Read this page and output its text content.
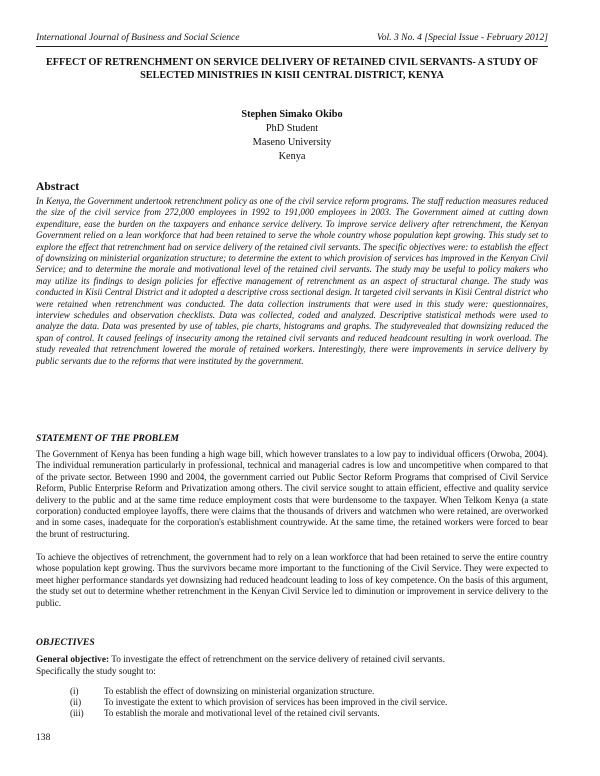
International Journal of Business and Social Science	Vol. 3 No. 4 [Special Issue - February 2012]
EFFECT OF RETRENCHMENT ON SERVICE DELIVERY OF RETAINED CIVIL SERVANTS- A STUDY OF SELECTED MINISTRIES IN KISII CENTRAL DISTRICT, KENYA
Stephen Simako Okibo
PhD Student
Maseno University
Kenya
Abstract

In Kenya, the Government undertook retrenchment policy as one of the civil service reform programs. The staff reduction measures reduced the size of the civil service from 272,000 employees in 1992 to 191,000 employees in 2003. The Government aimed at cutting down expenditure, ease the burden on the taxpayers and enhance service delivery. To improve service delivery after retrenchment, the Kenyan Government relied on a lean workforce that had been retained to serve the whole country whose population kept growing. This study set to explore the effect that retrenchment had on service delivery of the retained civil servants. The specific objectives were: to establish the effect of downsizing on ministerial organization structure; to determine the extent to which provision of services has improved in the Kenyan Civil Service; and to determine the morale and motivational level of the retained civil servants. The study may be useful to policy makers who may utilize its findings to design policies for effective management of retrenchment as an aspect of structural change. The study was conducted in Kisii Central District and it adopted a descriptive cross sectional design. It targeted civil servants in Kisii Central district who were retained when retrenchment was conducted. The data collection instruments that were used in this study were: questionnaires, interview schedules and observation checklists. Data was collected, coded and analyzed. Descriptive statistical methods were used to analyze the data. Data was presented by use of tables, pie charts, histograms and graphs. The studyrevealed that downsizing reduced the span of control. It caused feelings of insecurity among the retained civil servants and reduced headcount resulting in work overload. The study revealed that retrenchment lowered the morale of retained workers. Interestingly, there were improvements in service delivery by public servants due to the reforms that were instituted by the government.

STATEMENT OF THE PROBLEM

The Government of Kenya has been funding a high wage bill, which however translates to a low pay to individual officers (Orwoba, 2004). The individual remuneration particularly in professional, technical and managerial cadres is low and uncompetitive when compared to that of the private sector. Between 1990 and 2004, the government carried out Public Sector Reform Programs that comprised of Civil Service Reform, Public Enterprise Reform and Privatization among others. The civil service sought to attain efficient, effective and quality service delivery to the public and at the same time reduce employment costs that were burdensome to the taxpayer. When Telkom Kenya (a state corporation) conducted employee layoffs, there were claims that the thousands of drivers and watchmen who were retained, are overworked and in some cases, inadequate for the corporation's establishment countrywide. At the same time, the retained workers were forced to bear the brunt of restructuring.

To achieve the objectives of retrenchment, the government had to rely on a lean workforce that had been retained to serve the entire country whose population kept growing. Thus the survivors became more important to the functioning of the Civil Service. They were expected to meet higher performance standards yet downsizing had reduced headcount leading to loss of key competence. On the basis of this argument, the study set out to determine whether retrenchment in the Kenyan Civil Service led to diminution or improvement in service delivery to the public.

OBJECTIVES
General objective: To investigate the effect of retrenchment on the service delivery of retained civil servants.
Specifically the study sought to:
(i)	To establish the effect of downsizing on ministerial organization structure.
(ii)	To investigate the extent to which provision of services has been improved in the civil service.
(iii)	To establish the morale and motivational level of the retained civil servants.
138
